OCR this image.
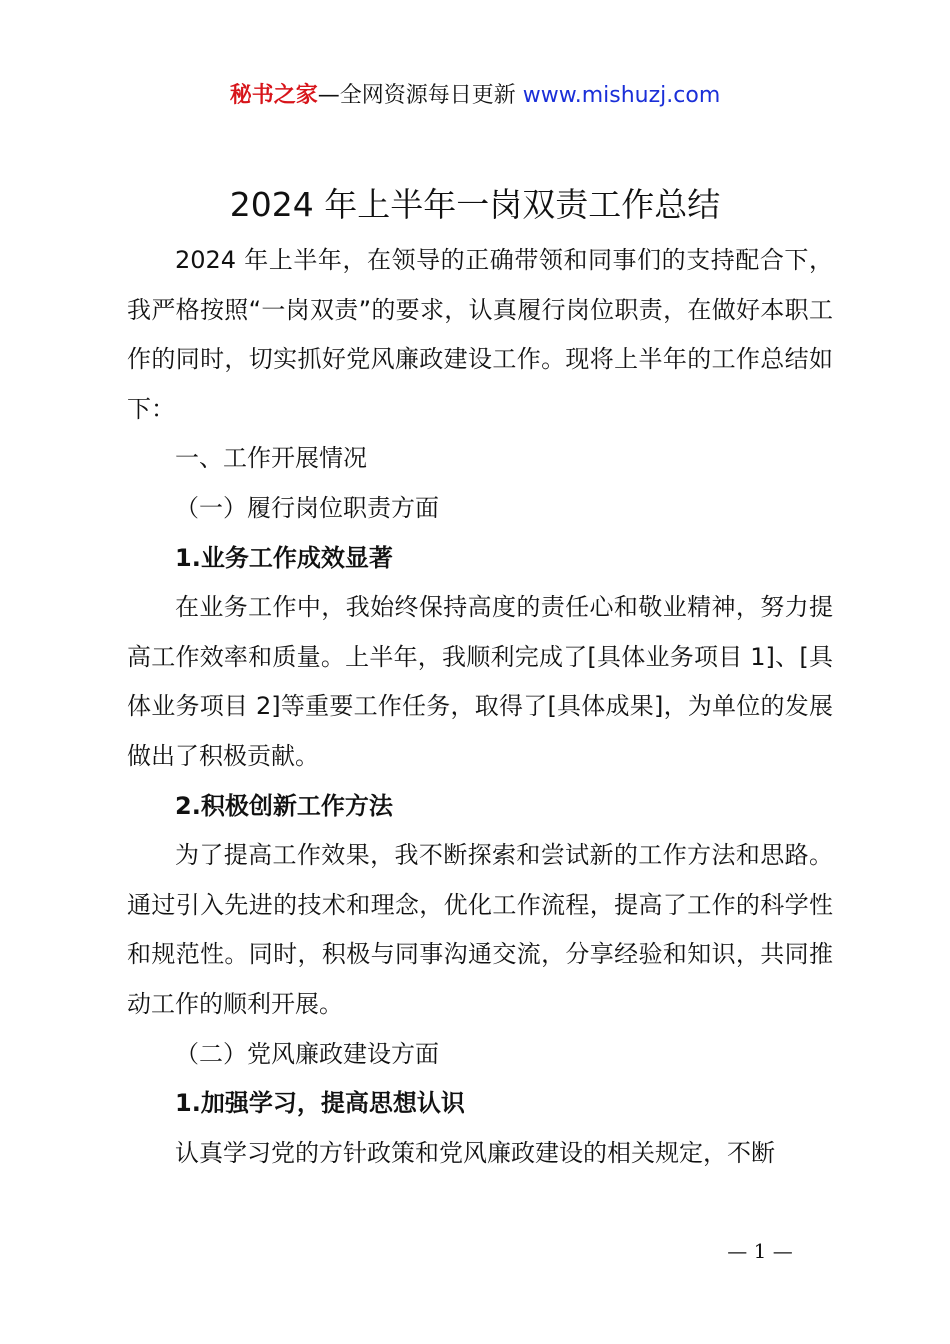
秘书之家—全网资源每日更新 www.mishuzj.com
2024 年上半年一岗双责工作总结

2024 年上半年，在领导的正确带领和同事们的支持配合下，我严格按照“一岗双责”的要求，认真履行岗位职责，在做好本职工作的同时，切实抓好党风廉政建设工作。现将上半年的工作总结如下：

一、工作开展情况

（一）履行岗位职责方面

1.业务工作成效显著

在业务工作中，我始终保持高度的责任心和敬业精神，努力提高工作效率和质量。上半年，我顺利完成了[具体业务项目 1]、[具体业务项目 2]等重要工作任务，取得了[具体成果]，为单位的发展做出了积极贡献。

2.积极创新工作方法

为了提高工作效果，我不断探索和尝试新的工作方法和思路。通过引入先进的技术和理念，优化工作流程，提高了工作的科学性和规范性。同时，积极与同事沟通交流，分享经验和知识，共同推动工作的顺利开展。

（二）党风廉政建设方面

1.加强学习，提高思想认识

认真学习党的方针政策和党风廉政建设的相关规定，不断

— 1 —
